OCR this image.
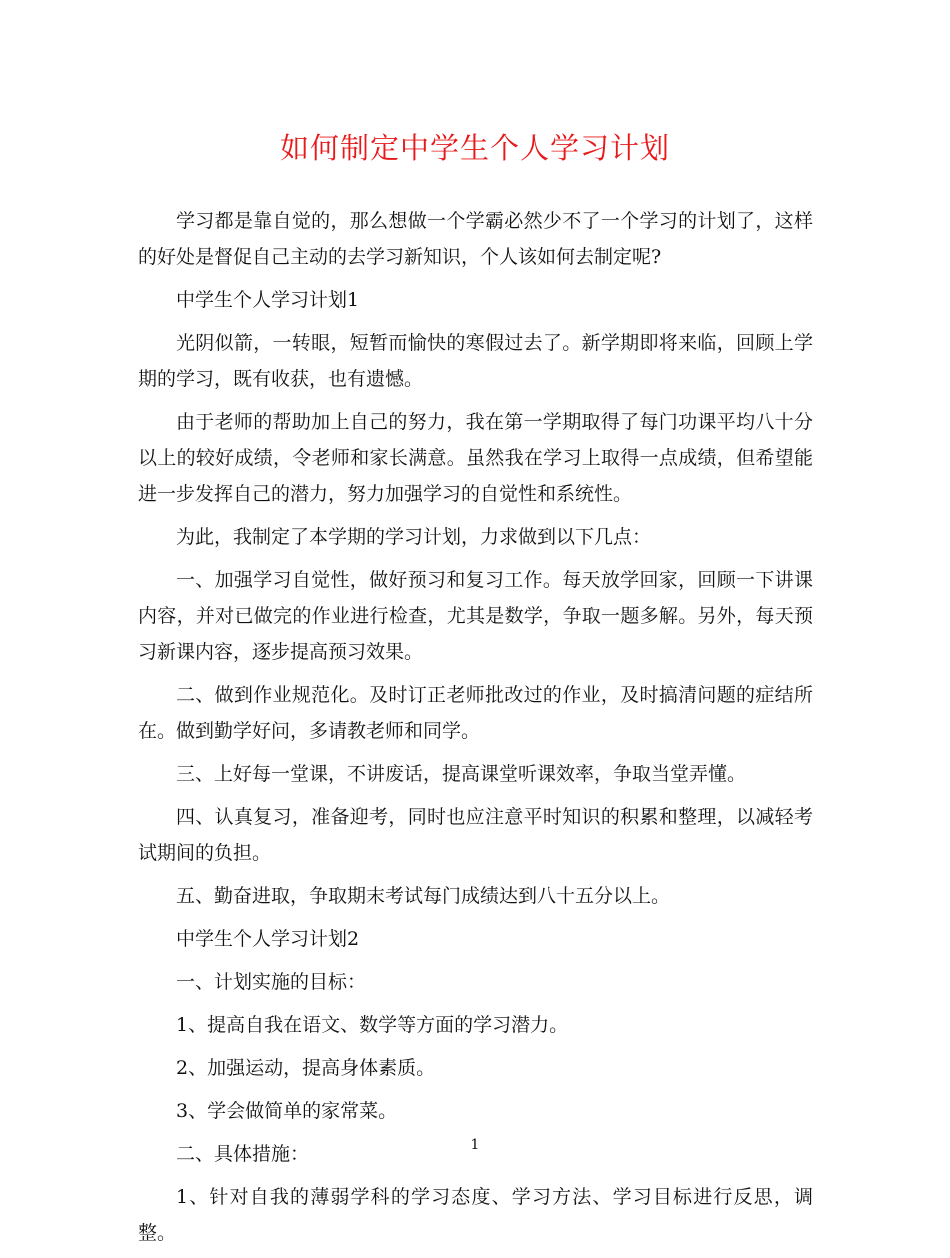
如何制定中学生个人学习计划

学习都是靠自觉的，那么想做一个学霸必然少不了一个学习的计划了，这样的好处是督促自己主动的去学习新知识，个人该如何去制定呢?

中学生个人学习计划1

光阴似箭，一转眼，短暂而愉快的寒假过去了。新学期即将来临，回顾上学期的学习，既有收获，也有遗憾。

由于老师的帮助加上自己的努力，我在第一学期取得了每门功课平均八十分以上的较好成绩，令老师和家长满意。虽然我在学习上取得一点成绩，但希望能进一步发挥自己的潜力，努力加强学习的自觉性和系统性。

为此，我制定了本学期的学习计划，力求做到以下几点：

一、加强学习自觉性，做好预习和复习工作。每天放学回家，回顾一下讲课内容，并对已做完的作业进行检查，尤其是数学，争取一题多解。另外，每天预习新课内容，逐步提高预习效果。

二、做到作业规范化。及时订正老师批改过的作业，及时搞清问题的症结所在。做到勤学好问，多请教老师和同学。

三、上好每一堂课，不讲废话，提高课堂听课效率，争取当堂弄懂。

四、认真复习，准备迎考，同时也应注意平时知识的积累和整理，以减轻考试期间的负担。

五、勤奋进取，争取期末考试每门成绩达到八十五分以上。

中学生个人学习计划2

一、计划实施的目标：

1、提高自我在语文、数学等方面的学习潜力。

2、加强运动，提高身体素质。

3、学会做简单的家常菜。

二、具体措施：

1、针对自我的薄弱学科的学习态度、学习方法、学习目标进行反思，调整。

1
